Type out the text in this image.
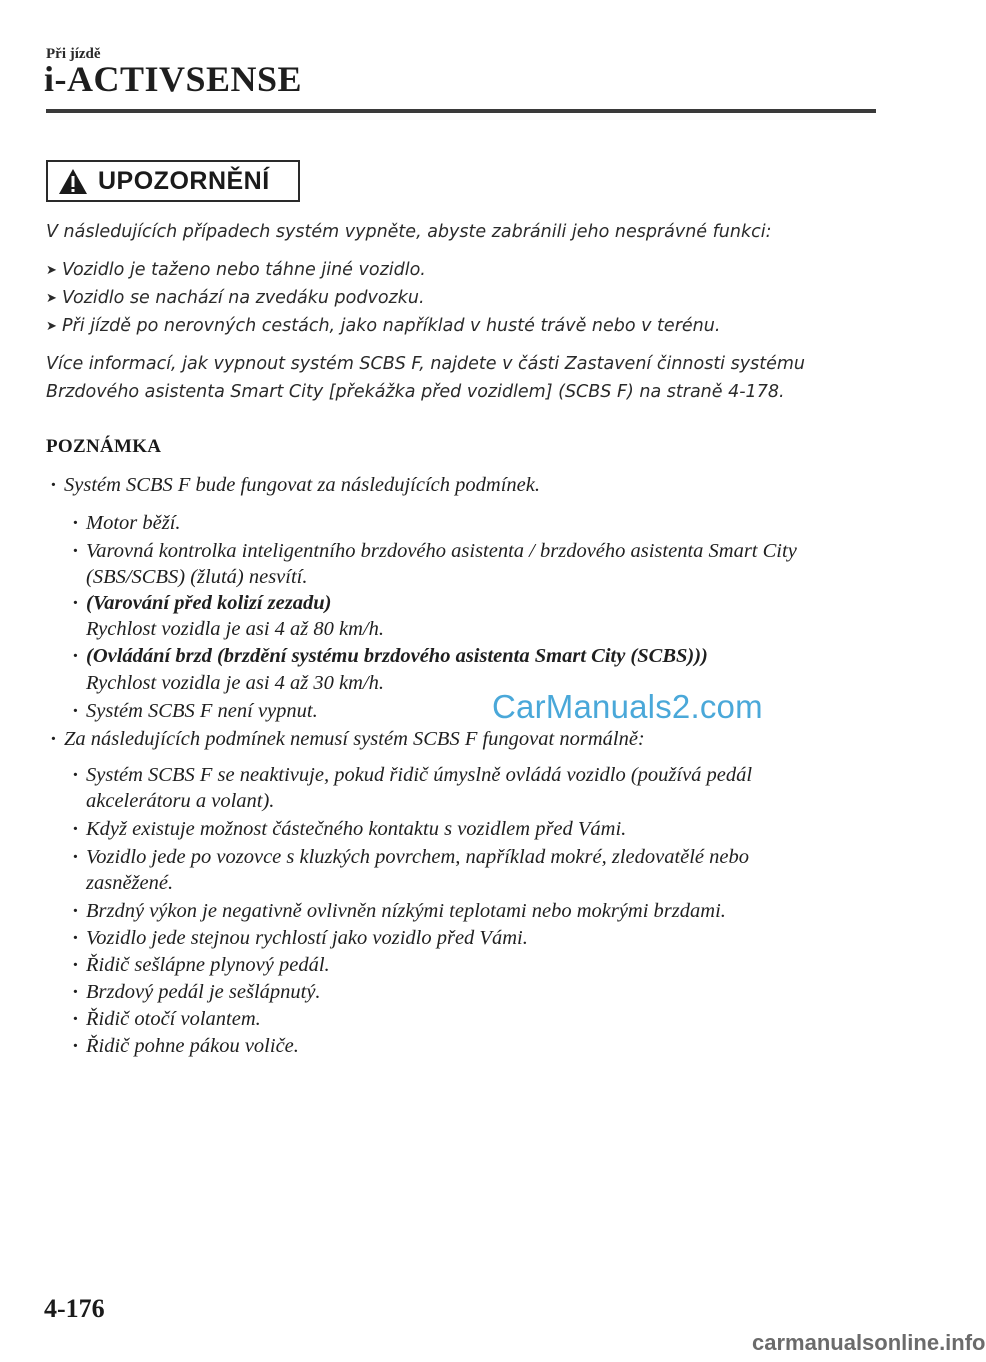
Při jízdě
i-ACTIVSENSE
UPOZORNĚNÍ
V následujících případech systém vypněte, abyste zabránili jeho nesprávné funkci:
➤ Vozidlo je taženo nebo táhne jiné vozidlo.
➤ Vozidlo se nachází na zvedáku podvozku.
➤ Při jízdě po nerovných cestách, jako například v husté trávě nebo v terénu.
Více informací, jak vypnout systém SCBS F, najdete v části Zastavení činnosti systému
Brzdového asistenta Smart City [překážka před vozidlem] (SCBS F) na straně 4-178.
POZNÁMKA
· Systém SCBS F bude fungovat za následujících podmínek.
· Motor běží.
· Varovná kontrolka inteligentního brzdového asistenta / brzdového asistenta Smart City
(SBS/SCBS) (žlutá) nesvítí.
· (Varování před kolizí zezadu)
Rychlost vozidla je asi 4 až 80 km/h.
· (Ovládání brzd (brzdění systému brzdového asistenta Smart City (SCBS)))
Rychlost vozidla je asi 4 až 30 km/h.
· Systém SCBS F není vypnut.
· Za následujících podmínek nemusí systém SCBS F fungovat normálně:
· Systém SCBS F se neaktivuje, pokud řidič úmyslně ovládá vozidlo (používá pedál
akcelerátoru a volant).
· Když existuje možnost částečného kontaktu s vozidlem před Vámi.
· Vozidlo jede po vozovce s kluzkých povrchem, například mokré, zledovatělé nebo
zasněžené.
· Brzdný výkon je negativně ovlivněn nízkými teplotami nebo mokrými brzdami.
· Vozidlo jede stejnou rychlostí jako vozidlo před Vámi.
· Řidič sešlápne plynový pedál.
· Brzdový pedál je sešlápnutý.
· Řidič otočí volantem.
· Řidič pohne pákou voliče.
CarManuals2.com
4-176
carmanualsonline.info
